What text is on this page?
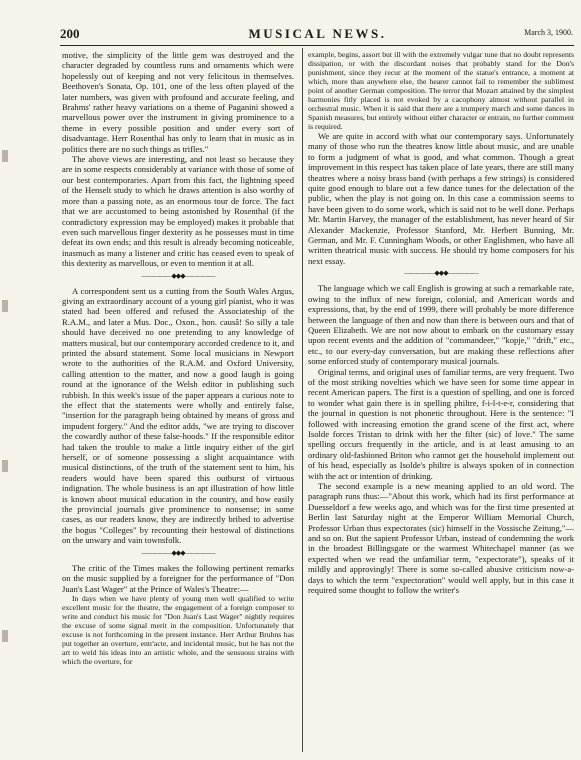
200	MUSICAL NEWS.	March 3, 1900.

motive, the simplicity of the little gem was destroyed and the character degraded by countless runs and ornaments which were hopelessly out of keeping and not very felicitous in themselves. Beethoven's Sonata, Op. 101, one of the less often played of the later numbers, was given with profound and accurate feeling, and Brahms' rather heavy variations on a theme of Paganini showed a marvellous power over the instrument in giving prominence to a theme in every possible position and under every sort of disadvantage. Herr Rosenthal has only to learn that in music as in politics there are no such things as trifles."

The above views are interesting, and not least so because they are in some respects considerably at variance with those of some of our best contemporaries. Apart from this fact, the lightning speed of the Henselt study to which he draws attention is also worthy of more than a passing note, as an enormous tour de force. The fact that we are accustomed to being astonished by Rosenthal (if the contradictory expression may be employed) makes it probable that even such marvellous finger dexterity as he possesses must in time defeat its own ends; and this result is already becoming noticeable, inasmuch as many a listener and critic has ceased even to speak of this dexterity as marvellous, or even to mention it at all.

—————◆◆◆—————

A correspondent sent us a cutting from the South Wales Argus, giving an extraordinary account of a young girl pianist, who it was stated had been offered and refused the Associateship of the R.A.M., and later a Mus. Doc., Oxon., hon. causâ! So silly a tale should have deceived no one pretending to any knowledge of matters musical, but our contemporary accorded credence to it, and printed the absurd statement. Some local musicians in Newport wrote to the authorities of the R.A.M. and Oxford University, calling attention to the matter, and now a good laugh is going round at the ignorance of the Welsh editor in publishing such rubbish. In this week's issue of the paper appears a curious note to the effect that the statements were wholly and entirely false, "insertion for the paragraph being obtained by means of gross and impudent forgery." And the editor adds, "we are trying to discover the cowardly author of these false-hoods." If the responsible editor had taken the trouble to make a little inquiry either of the girl herself, or of someone possessing a slight acquaintance with musical distinctions, of the truth of the statement sent to him, his readers would have been spared this outburst of virtuous indignation. The whole business is an apt illustration of how little is known about musical education in the country, and how easily the provincial journals give prominence to nonsense; in some cases, as our readers know, they are indirectly bribed to advertise the bogus "Colleges" by recounting their bestowal of distinctions on the unwary and vain townsfolk.

—————◆◆◆—————

The critic of the Times makes the following pertinent remarks on the music supplied by a foreigner for the performance of "Don Juan's Last Wager" at the Prince of Wales's Theatre:—

In days when we have plenty of young men well qualified to write excellent music for the theatre, the engagement of a foreign composer to write and conduct his music for "Don Juan's Last Wager" nightly requires the excuse of some signal merit in the composition. Unfortunately that excuse is not forthcoming in the present instance. Herr Arthur Bruhns has put together an overture, entr'acte, and incidental music, but he has not the art to weld his ideas into an artistic whole, and the sensuous strains with which the overture, for

example, begins, assort but ill with the extremely vulgar tune that no doubt represents dissipation, or with the discordant noises that probably stand for the Don's punishment, since they recur at the moment of the statue's entrance, a moment at which, more than anywhere else, the hearer cannot fail to remember the sublimest point of another German composition. The terror that Mozart attained by the simplest harmonies fitly placed is not evoked by a cacophony almost without parallel in orchestral music. When it is said that there are a trumpery march and some dances in Spanish measures, but entirely without either character or entrain, no further comment is required.

We are quite in accord with what our contemporary says. Unfortunately many of those who run the theatres know little about music, and are unable to form a judgment of what is good, and what common. Though a great improvement in this respect has taken place of late years, there are still many theatres where a noisy brass band (with perhaps a few strings) is considered quite good enough to blare out a few dance tunes for the delectation of the public, when the play is not going on. In this case a commission seems to have been given to do some work, which is said not to be well done. Perhaps Mr. Martin Harvey, the manager of the establishment, has never heard of Sir Alexander Mackenzie, Professor Stanford, Mr. Herbert Bunning, Mr. German, and Mr. F. Cunningham Woods, or other Englishmen, who have all written theatrical music with success. He should try home composers for his next essay.

—————◆◆◆—————

The language which we call English is growing at such a remarkable rate, owing to the influx of new foreign, colonial, and American words and expressions, that, by the end of 1999, there will probably be more difference between the language of then and now than there is between ours and that of Queen Elizabeth. We are not now about to embark on the customary essay upon recent events and the addition of "commandeer," "kopje," "drift," etc., etc., to our every-day conversation, but are making these reflections after some enforced study of contemporary musical journals.

Original terms, and original uses of familiar terms, are very frequent. Two of the most striking novelties which we have seen for some time appear in recent American papers. The first is a question of spelling, and one is forced to wonder what gain there is in spelling philtre, f-i-l-t-e-r, considering that the journal in question is not phonetic throughout. Here is the sentence: "I followed with increasing emotion the grand scene of the first act, where Isolde forces Tristan to drink with her the filter (sic) of love." The same spelling occurs frequently in the article, and is at least amusing to an ordinary old-fashioned Briton who cannot get the household implement out of his head, especially as Isolde's philtre is always spoken of in connection with the act or intention of drinking.

The second example is a new meaning applied to an old word. The paragraph runs thus:—"About this work, which had its first performance at Duesseldorf a few weeks ago, and which was for the first time presented at Berlin last Saturday night at the Emperor William Memorial Church, Professor Urban thus expectorates (sic) himself in the Vossische Zeitung,"—and so on. But the sapient Professor Urban, instead of condemning the work in the broadest Billingsgate or the warmest Whitechapel manner (as we expected when we read the unfamiliar term, "expectorate"), speaks of it mildly and approvingly! There is some so-called abusive criticism now-a-days to which the term "expectoration" would well apply, but in this case it required some thought to follow the writer's
